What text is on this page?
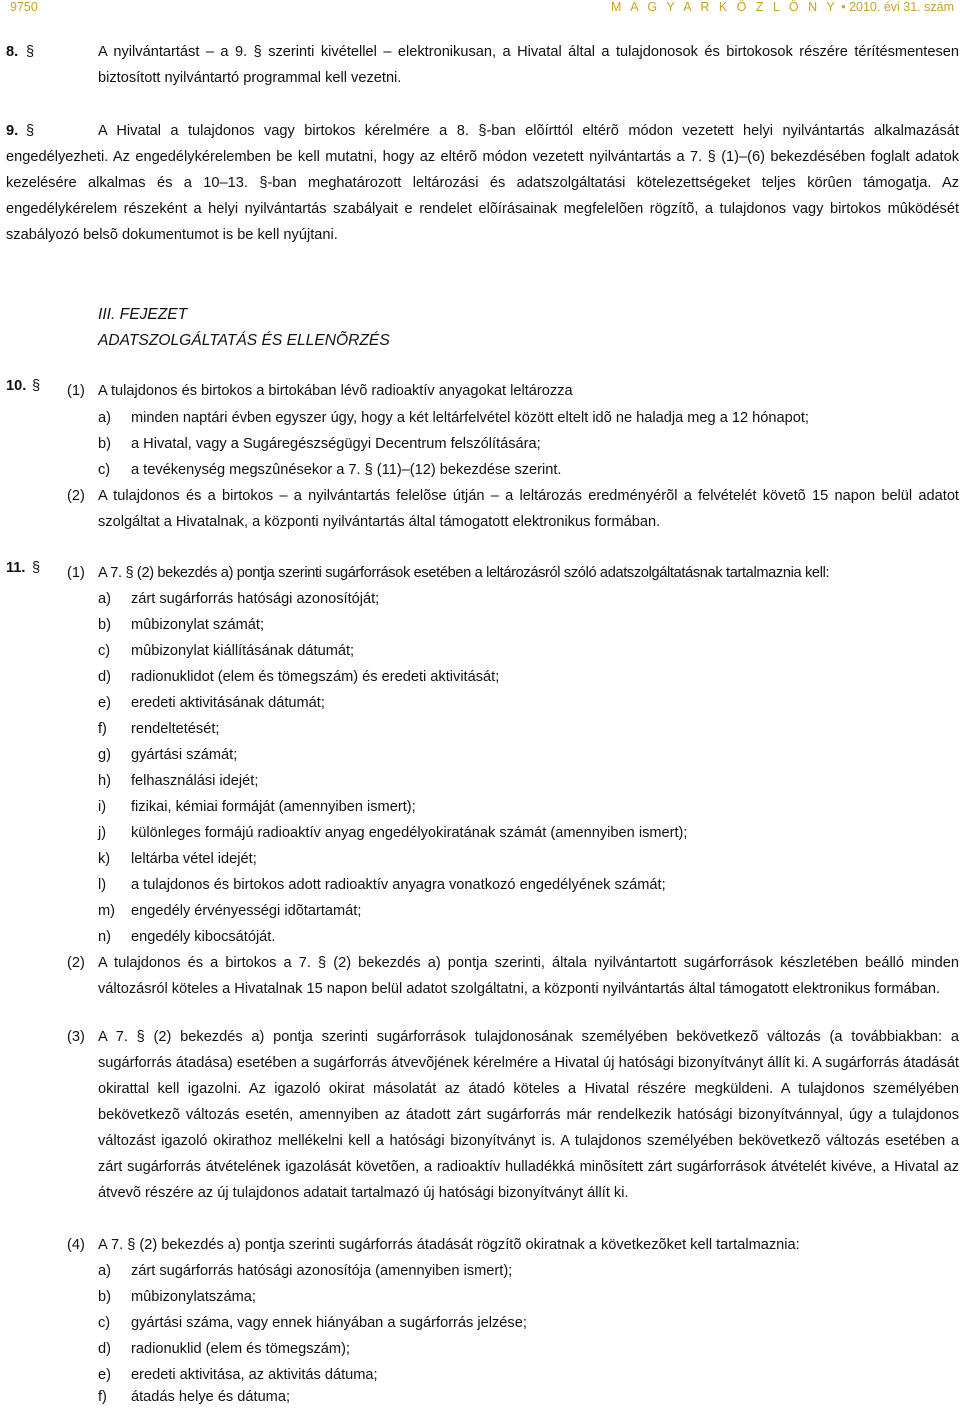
9750	M A G Y A R K Ö Z L Ö N Y • 2010. évi 31. szám
8. §	A nyilvántartást – a 9. § szerinti kivétellel – elektronikusan, a Hivatal által a tulajdonosok és birtokosok részére térítésmentesen biztosított nyilvántartó programmal kell vezetni.
9. §	A Hivatal a tulajdonos vagy birtokos kérelmére a 8. §-ban elõírttól eltérõ módon vezetett helyi nyilvántartás alkalmazását engedélyezheti. Az engedélykérelemben be kell mutatni, hogy az eltérõ módon vezetett nyilvántartás a 7. § (1)–(6) bekezdésében foglalt adatok kezelésére alkalmas és a 10–13. §-ban meghatározott leltározási és adatszolgáltatási kötelezettségeket teljes körûen támogatja. Az engedélykérelem részeként a helyi nyilvántartás szabályait e rendelet elõírásainak megfelelõen rögzítõ, a tulajdonos vagy birtokos mûködését szabályozó belsõ dokumentumot is be kell nyújtani.
III. FEJEZET
ADATSZOLGÁLTATÁS ÉS ELLENÕRZÉS
10. § (1) A tulajdonos és birtokos a birtokában lévõ radioaktív anyagokat leltározza
a) minden naptári évben egyszer úgy, hogy a két leltárfelvétel között eltelt idõ ne haladja meg a 12 hónapot;
b) a Hivatal, vagy a Sugáregészségügyi Decentrum felszólítására;
c) a tevékenység megszûnésekor a 7. § (11)–(12) bekezdése szerint.
(2) A tulajdonos és a birtokos – a nyilvántartás felelõse útján – a leltározás eredményérõl a felvételét követõ 15 napon belül adatot szolgáltat a Hivatalnak, a központi nyilvántartás által támogatott elektronikus formában.
11. § (1) A 7. § (2) bekezdés a) pontja szerinti sugárforrások esetében a leltározásról szóló adatszolgáltatásnak tartalmaznia kell:
a) zárt sugárforrás hatósági azonosítóját;
b) mûbizonylat számát;
c) mûbizonylat kiállításának dátumát;
d) radionuklidot (elem és tömegszám) és eredeti aktivitását;
e) eredeti aktivitásának dátumát;
f) rendeltetését;
g) gyártási számát;
h) felhasználási idejét;
i) fizikai, kémiai formáját (amennyiben ismert);
j) különleges formájú radioaktív anyag engedélyokiratának számát (amennyiben ismert);
k) leltárba vétel idejét;
l) a tulajdonos és birtokos adott radioaktív anyagra vonatkozó engedélyének számát;
m) engedély érvényességi idõtartamát;
n) engedély kibocsátóját.
(2) A tulajdonos és a birtokos a 7. § (2) bekezdés a) pontja szerinti, általa nyilvántartott sugárforrások készletében beálló minden változásról köteles a Hivatalnak 15 napon belül adatot szolgáltatni, a központi nyilvántartás által támogatott elektronikus formában.
(3) A 7. § (2) bekezdés a) pontja szerinti sugárforrások tulajdonosának személyében bekövetkezõ változás (a továbbiakban: a sugárforrás átadása) esetében a sugárforrás átvevõjének kérelmére a Hivatal új hatósági bizonyítványt állít ki. A sugárforrás átadását okirattal kell igazolni. Az igazoló okirat másolatát az átadó köteles a Hivatal részére megküldeni. A tulajdonos személyében bekövetkezõ változás esetén, amennyiben az átadott zárt sugárforrás már rendelkezik hatósági bizonyítvánnyal, úgy a tulajdonos változást igazoló okirathoz mellékelni kell a hatósági bizonyítványt is. A tulajdonos személyében bekövetkezõ változás esetében a zárt sugárforrás átvételének igazolását követõen, a radioaktív hulladékká minõsített zárt sugárforrások átvételét kivéve, a Hivatal az átvevõ részére az új tulajdonos adatait tartalmazó új hatósági bizonyítványt állít ki.
(4) A 7. § (2) bekezdés a) pontja szerinti sugárforrás átadását rögzítõ okiratnak a következõket kell tartalmaznia:
a) zárt sugárforrás hatósági azonosítója (amennyiben ismert);
b) mûbizonylatszáma;
c) gyártási száma, vagy ennek hiányában a sugárforrás jelzése;
d) radionuklid (elem és tömegszám);
e) eredeti aktivitása, az aktivitás dátuma;
f) átadás helye és dátuma;
